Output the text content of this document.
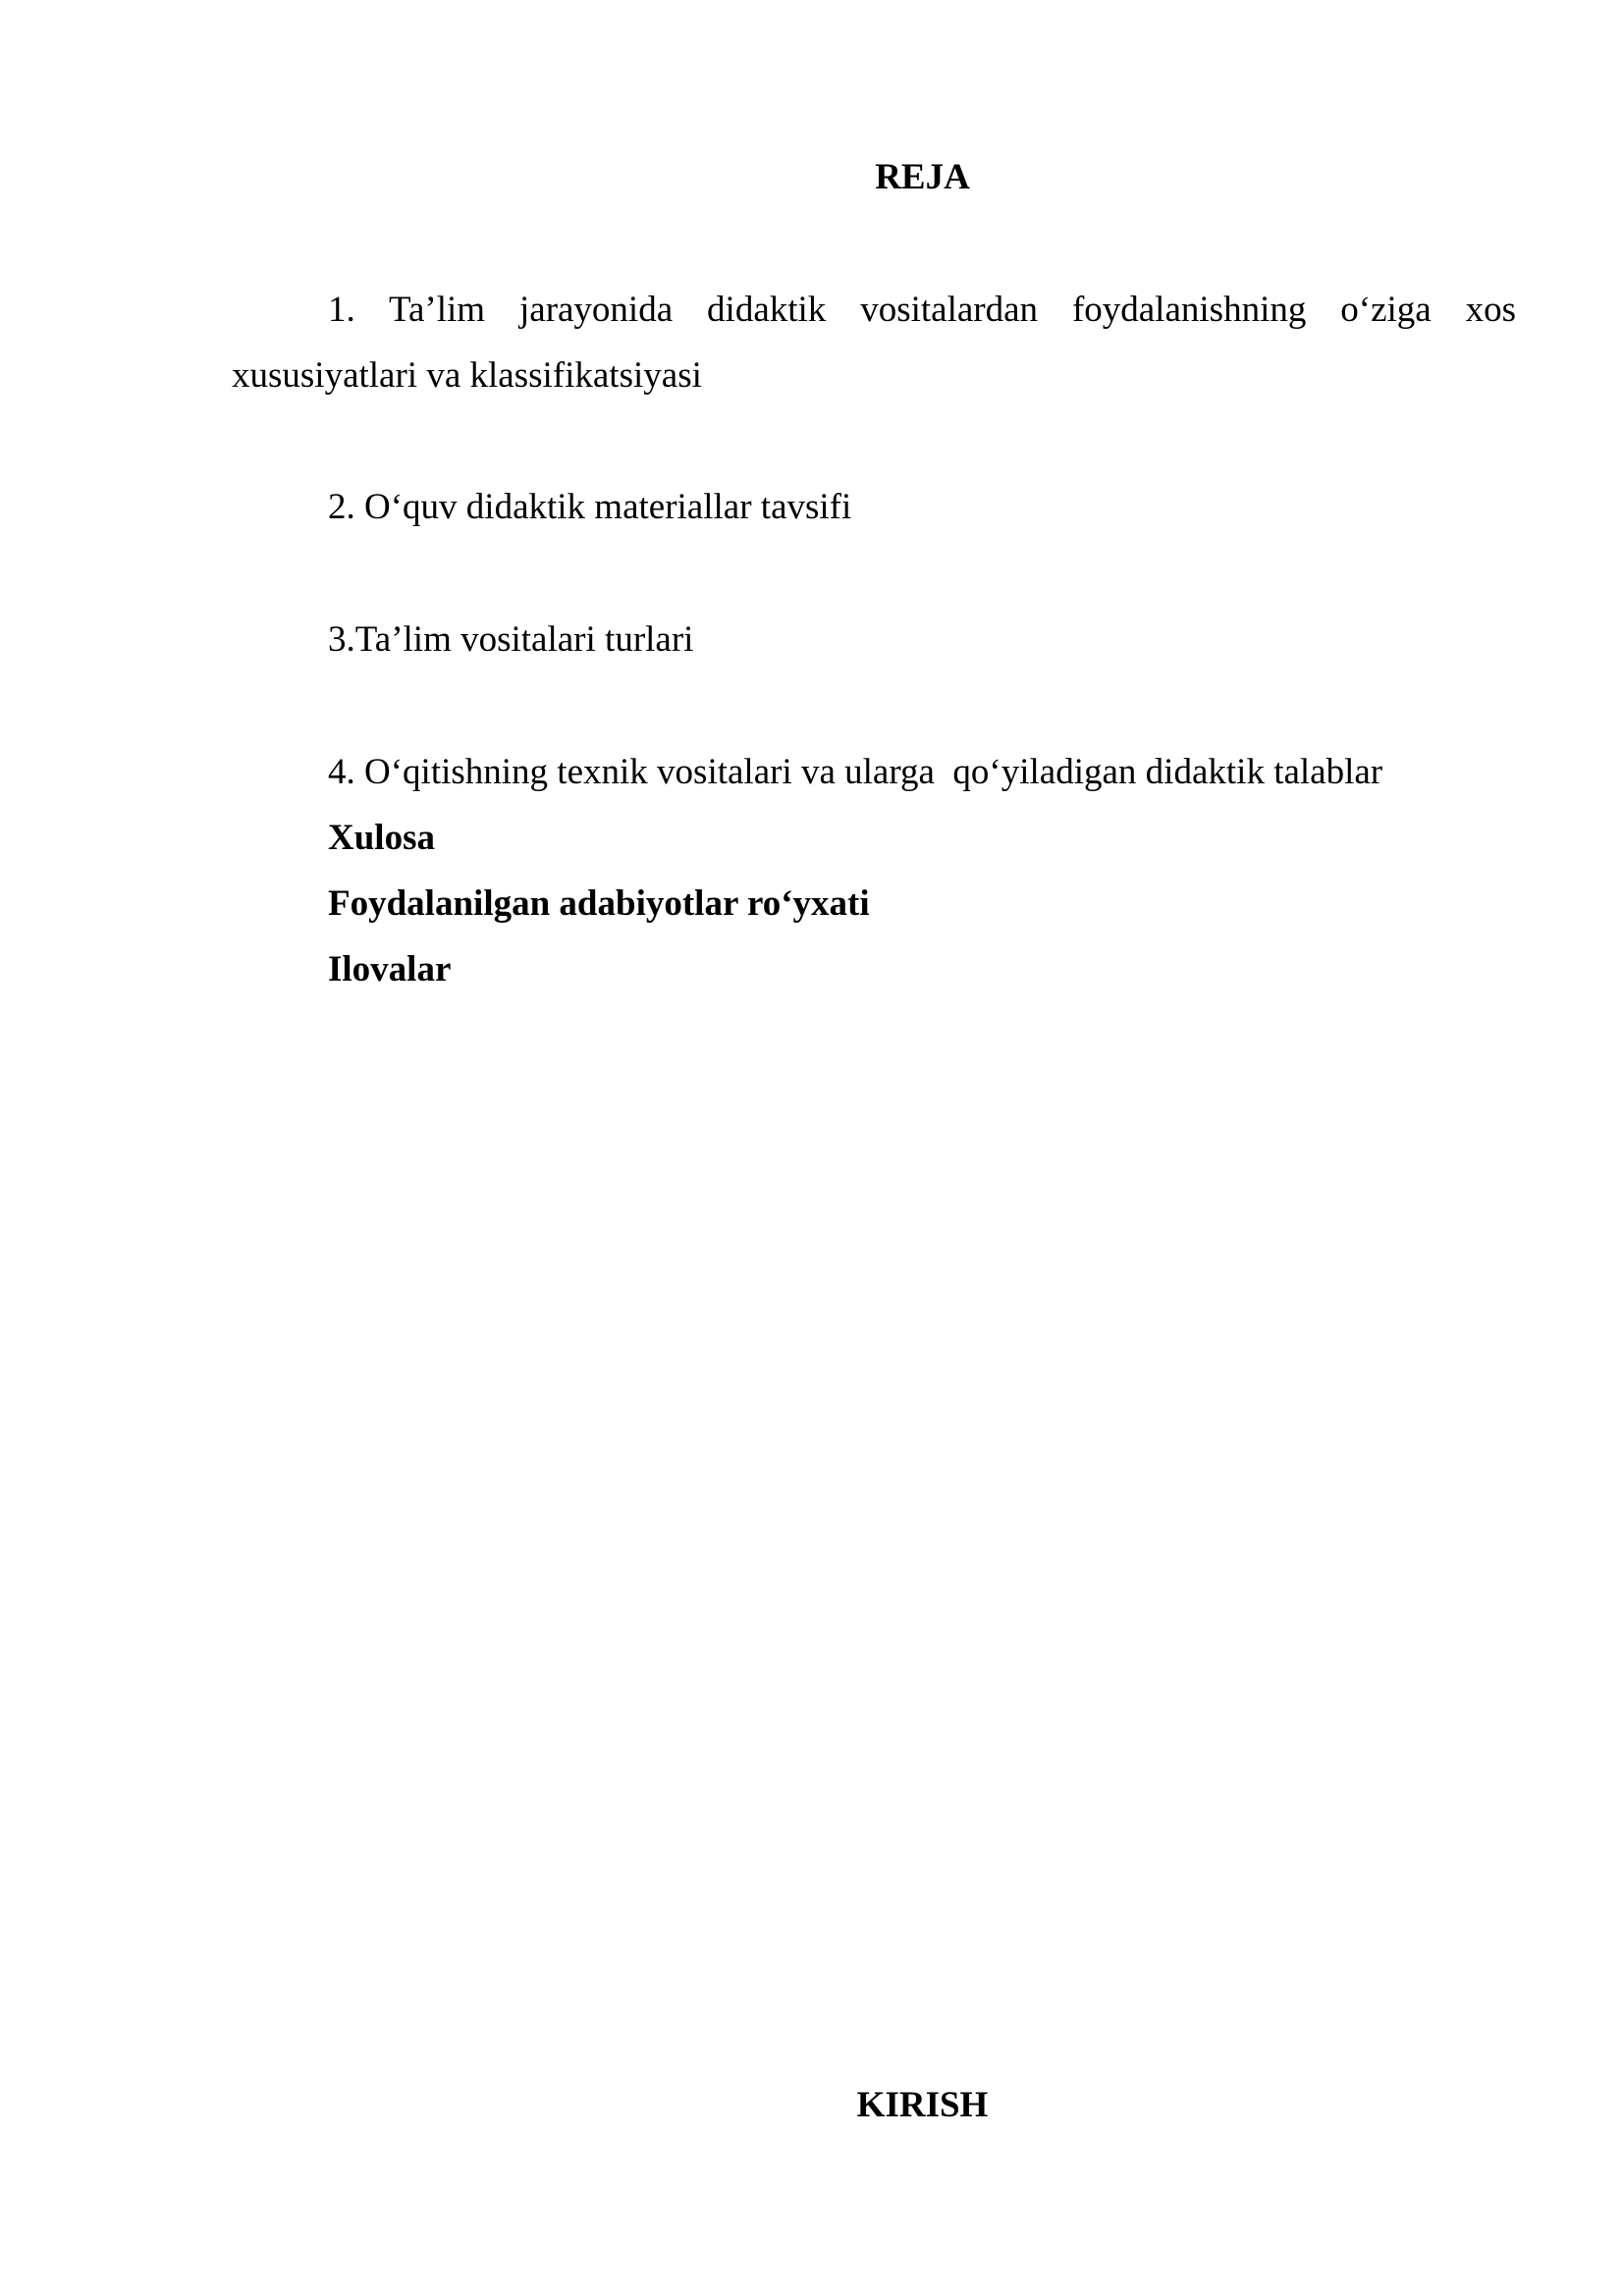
REJA

1. Ta’lim jarayonida didaktik vositalardan foydalanishning o‘ziga xos xususiyatlari va klassifikatsiyasi

2. O‘quv didaktik materiallar tavsifi

3.Ta’lim vositalari turlari

4. O‘qitishning texnik vositalari va ularga  qo‘yiladigan didaktik talablar

Xulosa

Foydalanilgan adabiyotlar ro‘yxati

Ilovalar

KIRISH
